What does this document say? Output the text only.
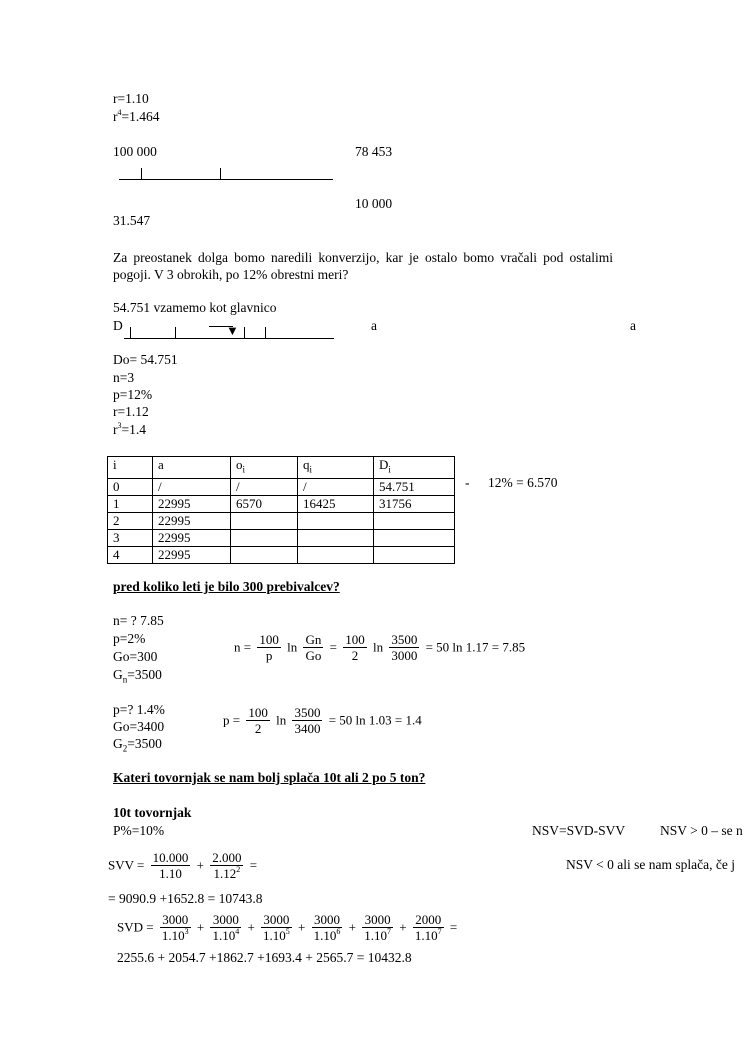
r=1.10
$r^4=1.464$
100 000	78 453
10 000
31.547
Za preostanek dolga bomo naredili konverzijo, kar je ostalo bomo vračali pod ostalimi pogoji. V 3 obrokih, po 12% obrestni meri?
54.751 vzamemo kot glavnico
D	▼	a	a
Do= 54.751
n=3
p=12%
r=1.12
$r^3=1.4$
i	a	$o_i$	$q_i$	$D_i$
0	/	/	/	54.751
1	22995	6570	16425	31756
2	22995			
3	22995			
4	22995			
- 12% = 6.570
pred koliko leti je bilo 300 prebivalcev?
n= ? 7.85
p=2%
Go=300
$G_n=3500$
$n = \frac{100}{p}$ $\ln \frac{Gn}{Go} = \frac{100}{2}$ $\ln \frac{3500}{3000} = 50$ ln 1.17 = 7.85
p=? 1.4%
Go=3400
$G_2=3500$
$p = \frac{100}{2}$ $\ln \frac{3500}{3400} = 50$ ln 1.03 = 1.4
Kateri tovornjak se nam bolj splača 10t ali 2 po 5 ton?
10t tovornjak
P%=10%	NSV=SVD-SVV	NSV > 0 – se n
NSV < 0 ali se nam splača, če j
SVV = $\frac{10.000}{1.10} + \frac{2.000}{1.12^2}$ =
= 9090.9 +1652.8 = 10743.8
SVD = $\frac{3000}{1.10^3} + \frac{3000}{1.10^4} + \frac{3000}{1.10^5} + \frac{3000}{1.10^6} + \frac{3000}{1.10^7} + \frac{2000}{1.10^7}$ =
2255.6 + 2054.7 +1862.7 +1693.4 + 2565.7 = 10432.8
